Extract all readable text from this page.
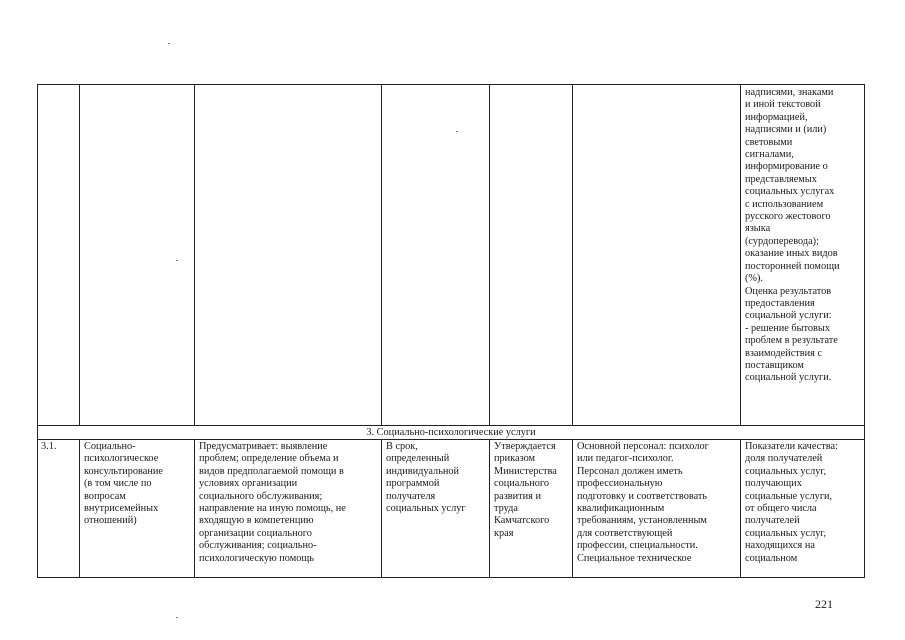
надписями, знаками
и иной текстовой
информацией,
надписями и (или)
световыми
сигналами,
информирование о
представляемых
социальных услугах
с использованием
русского жестового
языка
(сурдопереводa);
оказание иных видов
посторонней помощи
(%).
Оценка результатов
предоставления
социальной услуги:
- решение бытовых
проблем в результате
взаимодействия с
поставщиком
социальной услуги.
3. Социально-психологические услуги
3.1.	Социально-
психологическое
консультирование
(в том числе по
вопросам
внутрисемейных
отношений)
Предусматривает: выявление
проблем; определение объема и
видов предполагаемой помощи в
условиях организации
социального обслуживания;
направление на иную помощь, не
входящую в компетенцию
организации социального
обслуживания; социально-
психологическую помощь
В срок,
определенный
индивидуальной
программой
получателя
социальных услуг
Утверждается
приказом
Министерства
социального
развития и
труда
Камчатского
края
Основной персонал: психолог
или педагог-психолог.
Персонал должен иметь
профессиональную
подготовку и соответствовать
квалификационным
требованиям, установленным
для соответствующей
профессии, специальности.
Специальное техническое
Показатели качества:
доля получателей
социальных услуг,
получающих
социальные услуги,
от общего числа
получателей
социальных услуг,
находящихся на
социальном
221
